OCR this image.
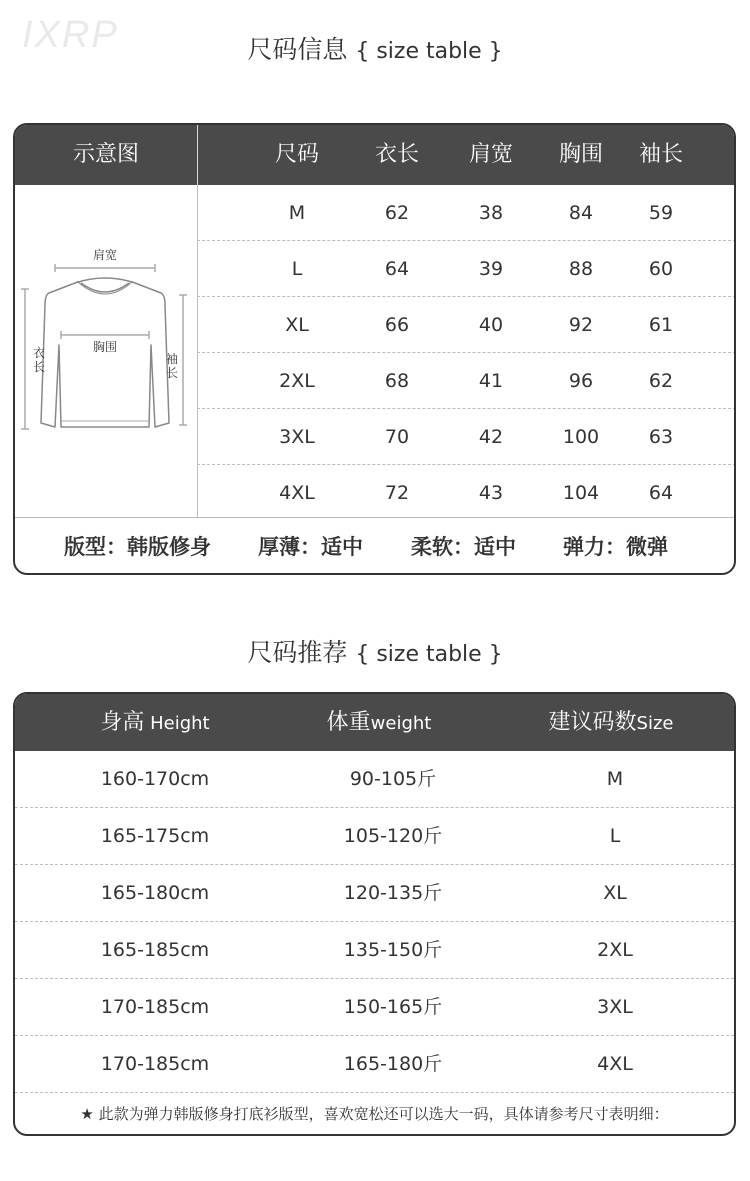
IXRP	尺码信息 { size table }
示意图	尺码	衣长	肩宽	胸围	袖长
肩宽
胸围
衣
长
袖
长
M	62	38	84	59
L	64	39	88	60
XL	66	40	92	61
2XL	68	41	96	62
3XL	70	42	100	63
4XL	72	43	104	64
版型：韩版修身 厚薄：适中 柔软：适中 弹力：微弹
尺码推荐 { size table }
身高 Height	体重weight	建议码数Size
160-170cm	90-105斤	M
165-175cm	105-120斤	L
165-180cm	120-135斤	XL
165-185cm	135-150斤	2XL
170-185cm	150-165斤	3XL
170-185cm	165-180斤	4XL
★ 此款为弹力韩版修身打底衫版型，喜欢宽松还可以选大一码，具体请参考尺寸表明细：
